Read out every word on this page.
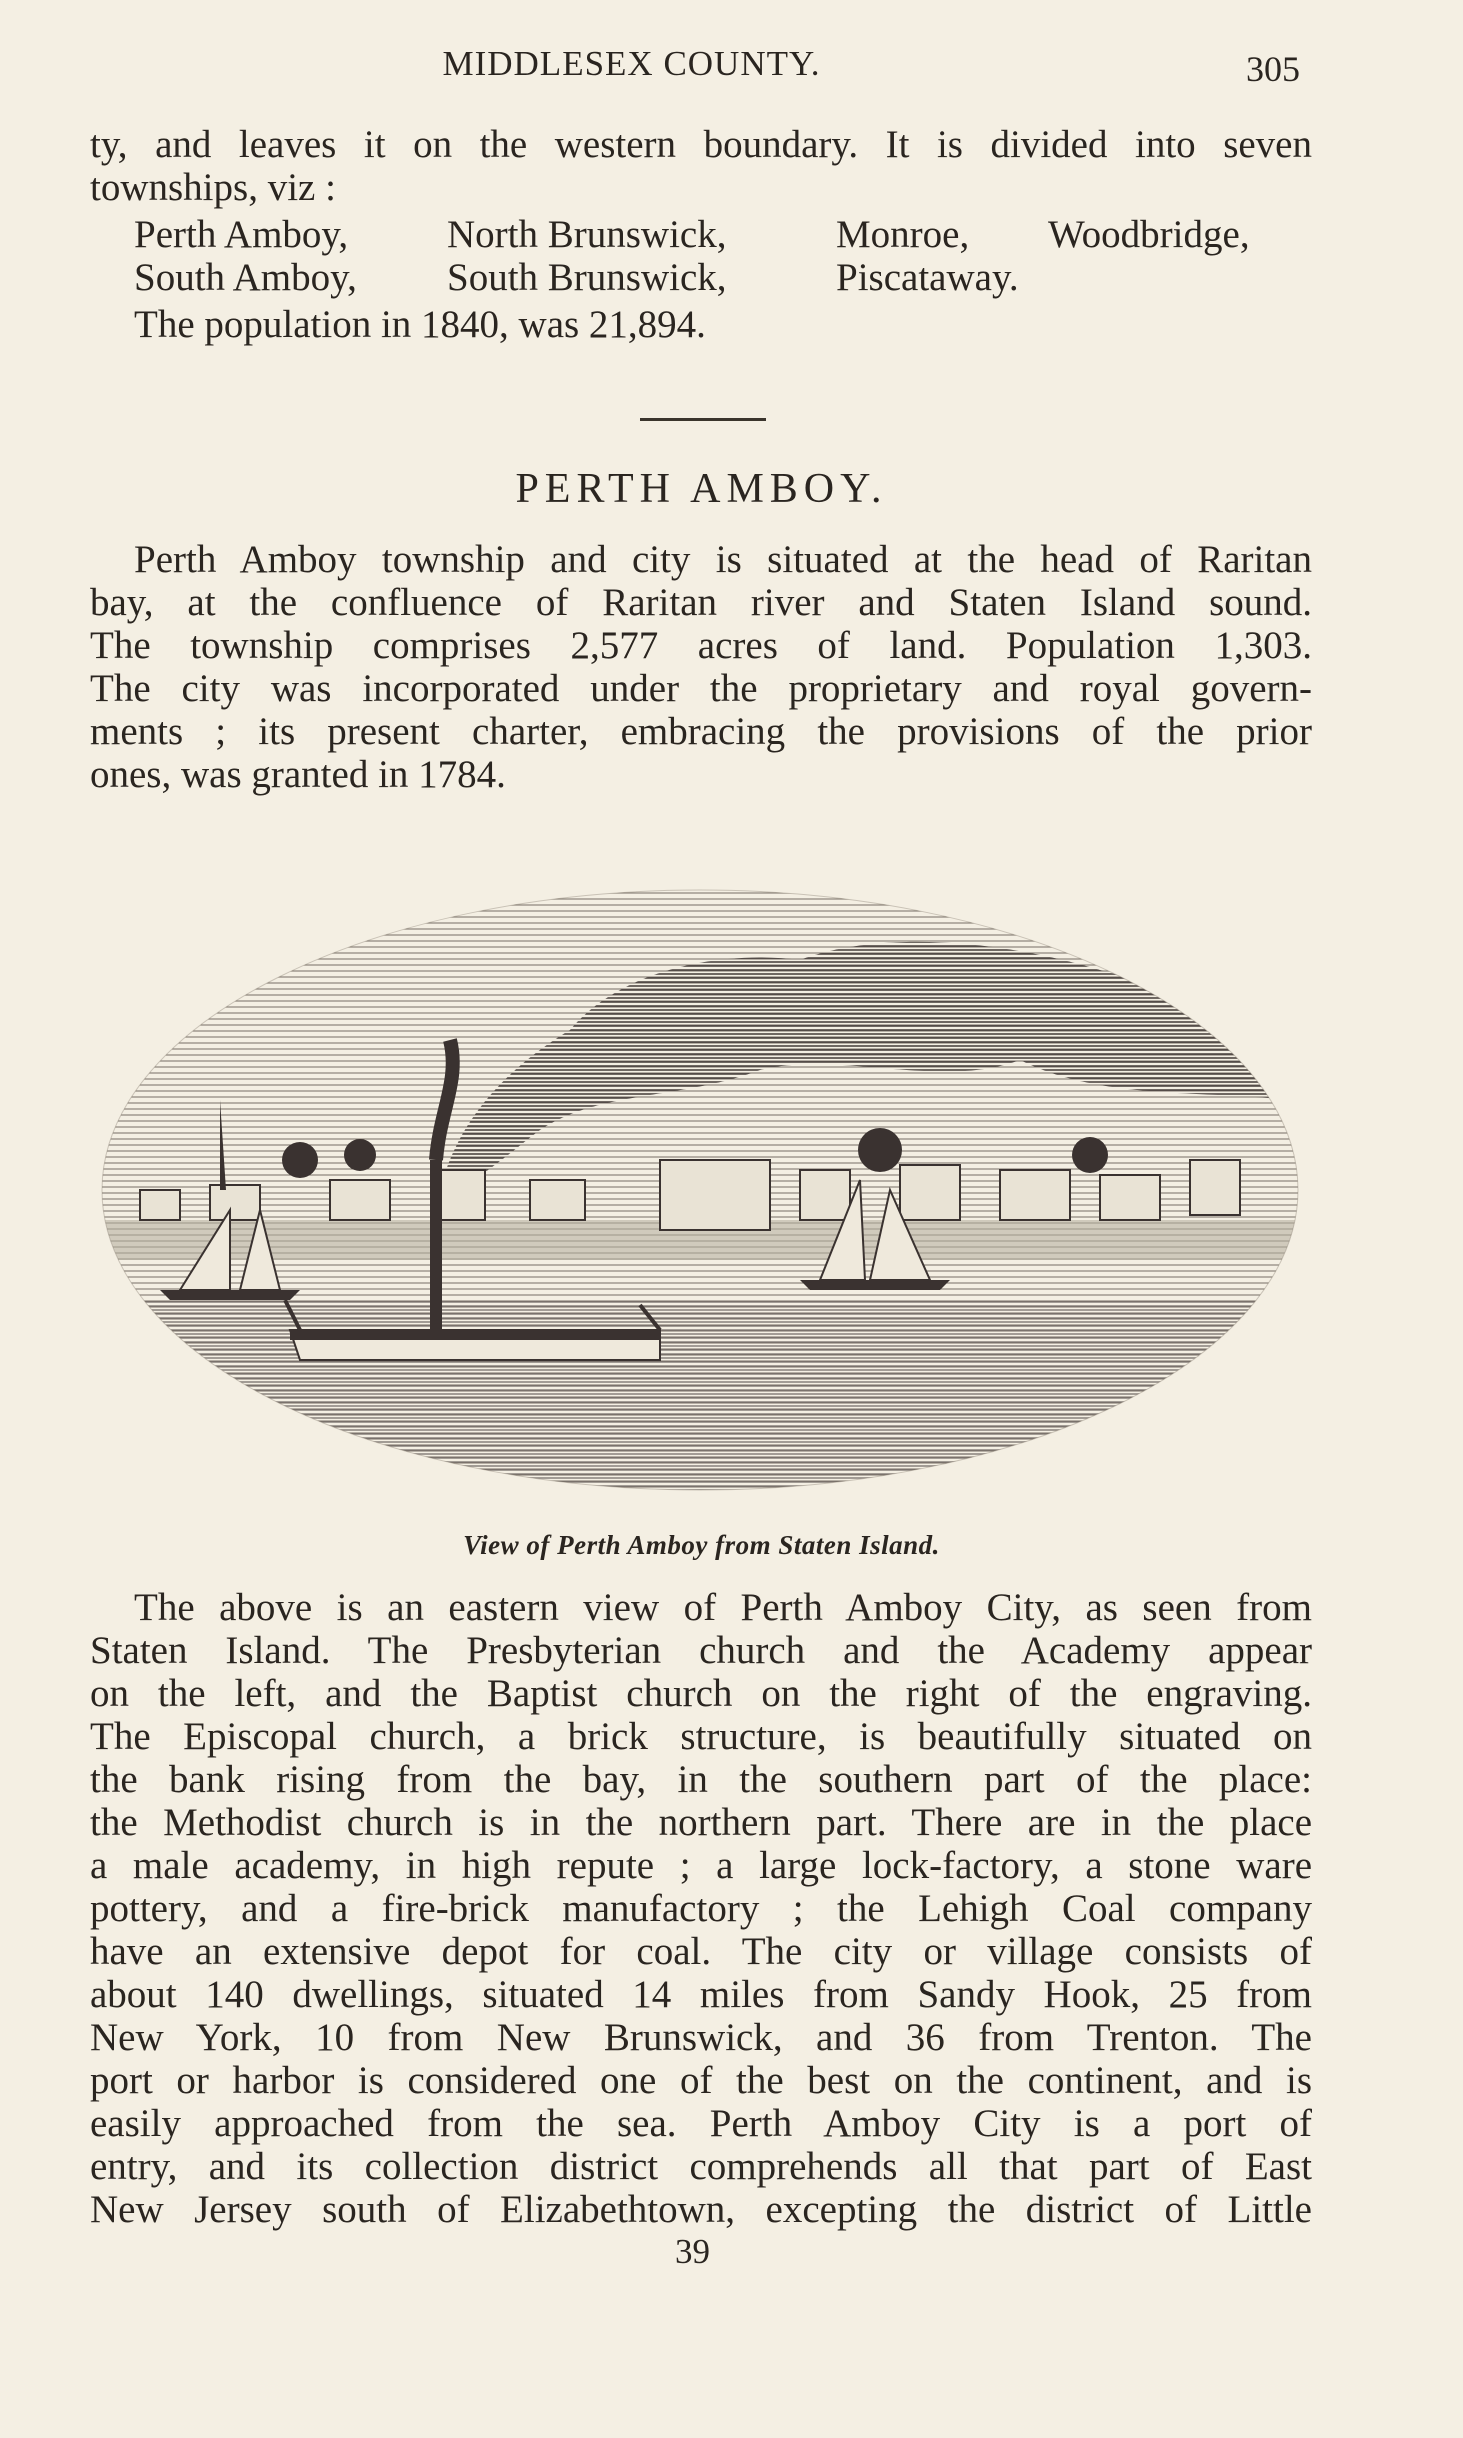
MIDDLESEX COUNTY.	305
ty, and leaves it on the western boundary. It is divided into seven
townships, viz :
Perth Amboy,	North Brunswick,	Monroe,	Woodbridge,
South Amboy,	South Brunswick,	Piscataway.
The population in 1840, was 21,894.
PERTH AMBOY.
Perth Amboy township and city is situated at the head of Raritan
bay, at the confluence of Raritan river and Staten Island sound.
The township comprises 2,577 acres of land. Population 1,303.
The city was incorporated under the proprietary and royal govern-
ments ; its present charter, embracing the provisions of the prior
ones, was granted in 1784.
View of Perth Amboy from Staten Island.
The above is an eastern view of Perth Amboy City, as seen from
Staten Island. The Presbyterian church and the Academy appear
on the left, and the Baptist church on the right of the engraving.
The Episcopal church, a brick structure, is beautifully situated on
the bank rising from the bay, in the southern part of the place:
the Methodist church is in the northern part. There are in the place
a male academy, in high repute ; a large lock-factory, a stone ware
pottery, and a fire-brick manufactory ; the Lehigh Coal company
have an extensive depot for coal. The city or village consists of
about 140 dwellings, situated 14 miles from Sandy Hook, 25 from
New York, 10 from New Brunswick, and 36 from Trenton. The
port or harbor is considered one of the best on the continent, and is
easily approached from the sea. Perth Amboy City is a port of
entry, and its collection district comprehends all that part of East
New Jersey south of Elizabethtown, excepting the district of Little
39
